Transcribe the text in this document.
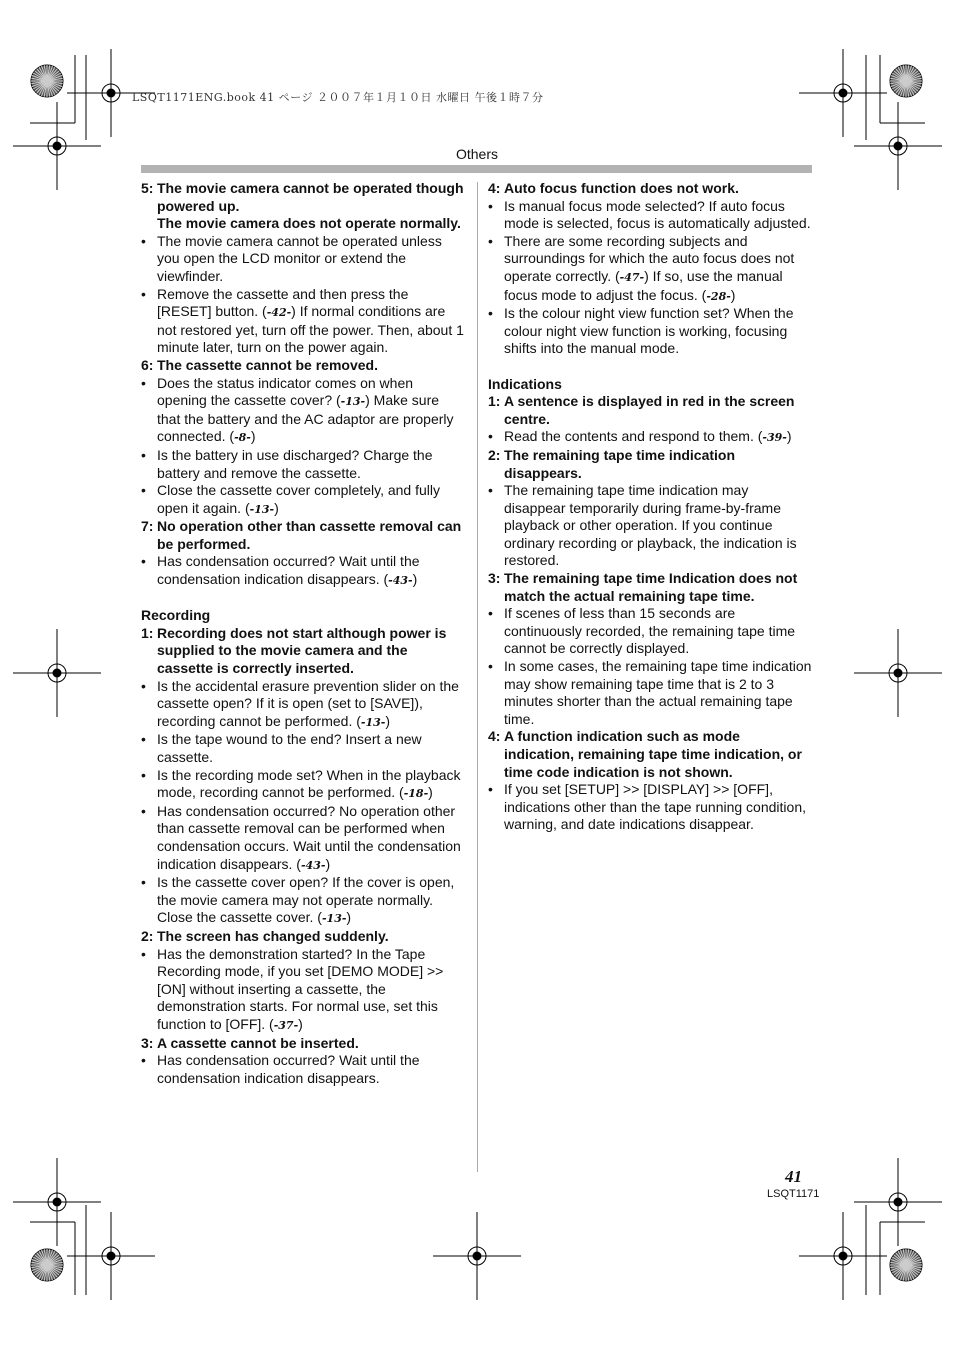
LSQT1171ENG.book 41 ページ ２００７年１月１０日 水曜日 午後１時７分
Others
5: The movie camera cannot be operated though powered up.
The movie camera does not operate normally.
• The movie camera cannot be operated unless you open the LCD monitor or extend the viewfinder.
• Remove the cassette and then press the [RESET] button. (-42-) If normal conditions are not restored yet, turn off the power. Then, about 1 minute later, turn on the power again.
6: The cassette cannot be removed.
• Does the status indicator comes on when opening the cassette cover? (-13-) Make sure that the battery and the AC adaptor are properly connected. (-8-)
• Is the battery in use discharged? Charge the battery and remove the cassette.
• Close the cassette cover completely, and fully open it again. (-13-)
7: No operation other than cassette removal can be performed.
• Has condensation occurred? Wait until the condensation indication disappears. (-43-)
Recording
1: Recording does not start although power is supplied to the movie camera and the cassette is correctly inserted.
• Is the accidental erasure prevention slider on the cassette open? If it is open (set to [SAVE]), recording cannot be performed. (-13-)
• Is the tape wound to the end? Insert a new cassette.
• Is the recording mode set? When in the playback mode, recording cannot be performed. (-18-)
• Has condensation occurred? No operation other than cassette removal can be performed when condensation occurs. Wait until the condensation indication disappears. (-43-)
• Is the cassette cover open? If the cover is open, the movie camera may not operate normally. Close the cassette cover. (-13-)
2: The screen has changed suddenly.
• Has the demonstration started? In the Tape Recording mode, if you set [DEMO MODE] >> [ON] without inserting a cassette, the demonstration starts. For normal use, set this function to [OFF]. (-37-)
3: A cassette cannot be inserted.
• Has condensation occurred? Wait until the condensation indication disappears.
4: Auto focus function does not work.
• Is manual focus mode selected? If auto focus mode is selected, focus is automatically adjusted.
• There are some recording subjects and surroundings for which the auto focus does not operate correctly. (-47-) If so, use the manual focus mode to adjust the focus. (-28-)
• Is the colour night view function set? When the colour night view function is working, focusing shifts into the manual mode.
Indications
1: A sentence is displayed in red in the screen centre.
• Read the contents and respond to them. (-39-)
2: The remaining tape time indication disappears.
• The remaining tape time indication may disappear temporarily during frame-by-frame playback or other operation. If you continue ordinary recording or playback, the indication is restored.
3: The remaining tape time Indication does not match the actual remaining tape time.
• If scenes of less than 15 seconds are continuously recorded, the remaining tape time cannot be correctly displayed.
• In some cases, the remaining tape time indication may show remaining tape time that is 2 to 3 minutes shorter than the actual remaining tape time.
4: A function indication such as mode indication, remaining tape time indication, or time code indication is not shown.
• If you set [SETUP] >> [DISPLAY] >> [OFF], indications other than the tape running condition, warning, and date indications disappear.
41
LSQT1171
